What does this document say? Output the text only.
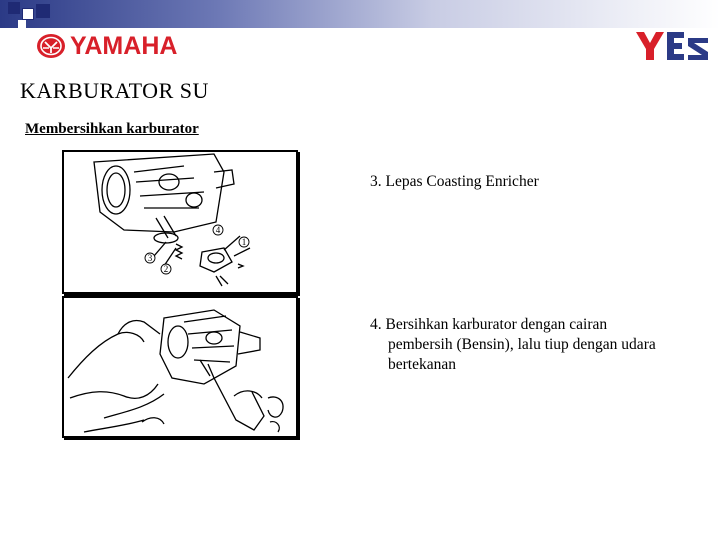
YAMAHA
KARBURATOR SU
Membersihkan karburator
4
1
3
2
3. Lepas Coasting Enricher
4. Bersihkan karburator dengan cairan
pembersih (Bensin), lalu tiup dengan udara
bertekanan
